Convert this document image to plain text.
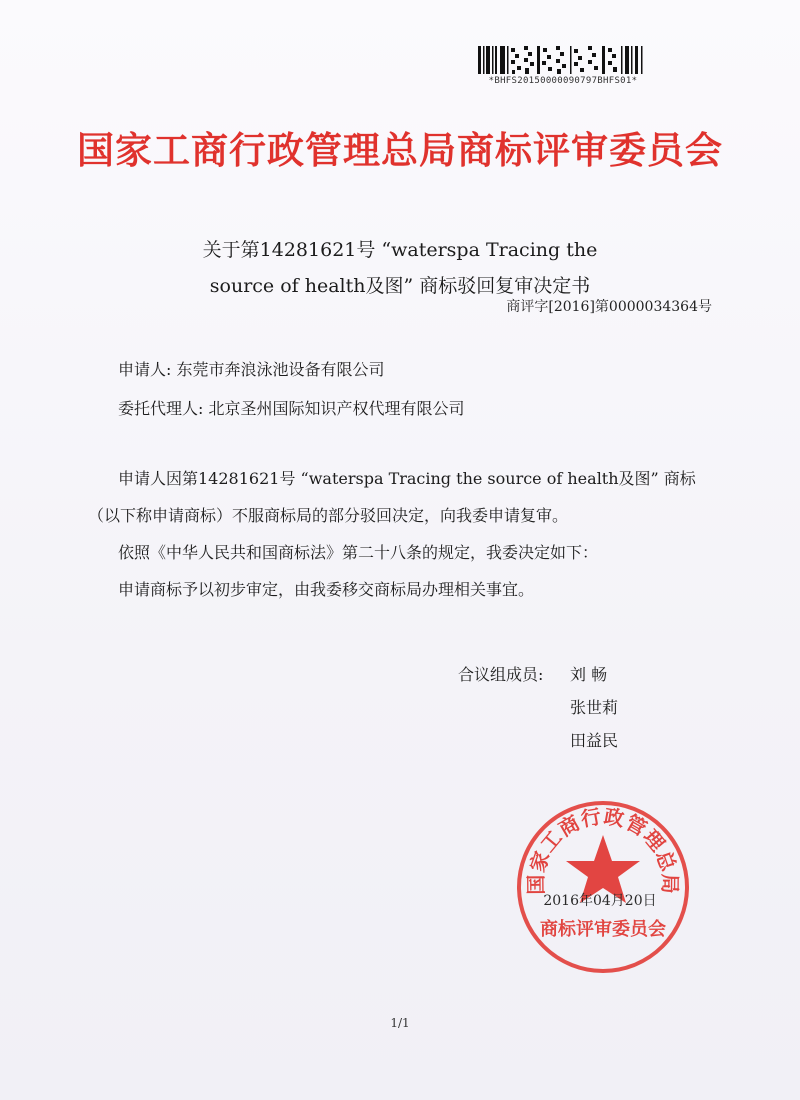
*BHFS20150000090797BHFS01*
国家工商行政管理总局商标评审委员会
关于第14281621号 “waterspa Tracing the
source of health及图” 商标驳回复审决定书
商评字[2016]第0000034364号
申请人: 东莞市奔浪泳池设备有限公司
委托代理人: 北京圣州国际知识产权代理有限公司
申请人因第14281621号 “waterspa Tracing the source of health及图” 商标
（以下称申请商标）不服商标局的部分驳回决定，向我委申请复审。
依照《中华人民共和国商标法》第二十八条的规定，我委决定如下：
申请商标予以初步审定，由我委移交商标局办理相关事宜。
合议组成员: 刘 畅
张世莉
田益民
国家工商行政管理总局
商标评审委员会
2016年04月20日
1/1
